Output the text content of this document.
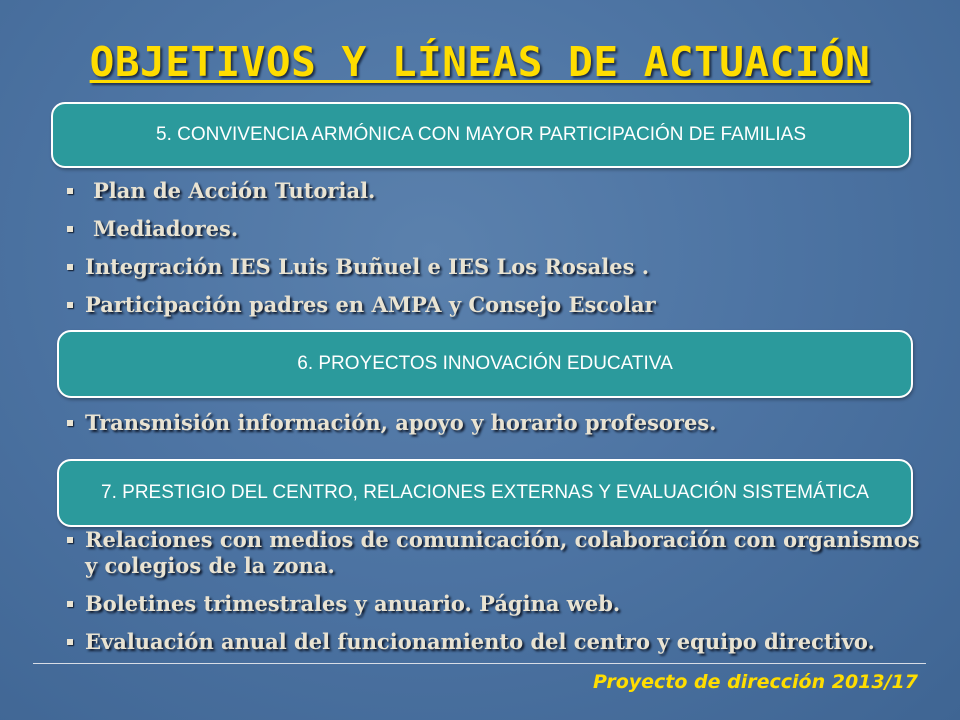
OBJETIVOS Y LÍNEAS DE ACTUACIÓN
5. CONVIVENCIA ARMÓNICA CON MAYOR PARTICIPACIÓN DE FAMILIAS
Plan de Acción Tutorial.
Mediadores.
Integración IES Luis Buñuel e IES Los Rosales .
Participación padres en AMPA y Consejo Escolar
6. PROYECTOS INNOVACIÓN EDUCATIVA
Transmisión información, apoyo y horario profesores.
7. PRESTIGIO DEL CENTRO, RELACIONES EXTERNAS Y EVALUACIÓN SISTEMÁTICA
Relaciones con medios de comunicación, colaboración con organismos y colegios de la zona.
Boletines trimestrales y anuario. Página web.
Evaluación anual del funcionamiento del centro y equipo directivo.
Proyecto de dirección 2013/17
